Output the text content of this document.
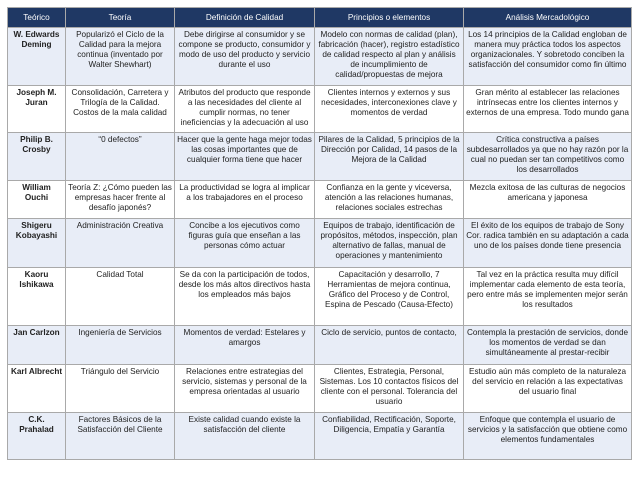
Teórico	Teoría	Definición de Calidad	Principios o elementos	Análisis Mercadológico
W. Edwards Deming	Popularizó el Ciclo de la Calidad para la mejora continua (inventado por Walter Shewhart)	Debe dirigirse al consumidor y se compone se producto, consumidor y modo de uso del producto y servicio durante el uso	Modelo con normas de calidad (plan), fabricación (hacer), registro estadístico de calidad respecto al plan y análisis de incumplimiento de calidad/propuestas de mejora	Los 14 principios de la Calidad engloban de manera muy práctica todos los aspectos organizacionales. Y sobretodo conciben la satisfacción del consumidor como fin último
Joseph M. Juran	Consolidación, Carretera y Trilogía de la Calidad. Costos de la mala calidad	Atributos del producto que responde a las necesidades del cliente al cumplir normas, no tener ineficiencias y la adecuación al uso	Clientes internos y externos y sus necesidades, interconexiones clave y momentos de verdad	Gran mérito al establecer las relaciones intrínsecas entre los clientes internos y externos de una empresa. Todo mundo gana
Philip B. Crosby	“0 defectos”	Hacer que la gente haga mejor todas las cosas importantes que de cualquier forma tiene que hacer	Pilares de la Calidad, 5 principios de la Dirección por Calidad, 14 pasos de la Mejora de la Calidad	Crítica constructiva a países subdesarrollados ya que no hay razón por la cual no puedan ser tan competitivos como los desarrollados
William Ouchi	Teoría Z: ¿Cómo pueden las empresas hacer frente al desafío japonés?	La productividad se logra al implicar a los trabajadores en el proceso	Confianza en la gente y viceversa, atención a las relaciones humanas, relaciones sociales estrechas	Mezcla exitosa de las culturas de negocios americana y japonesa
Shigeru Kobayashi	Administración Creativa	Concibe a los ejecutivos como figuras guía que enseñan a las personas cómo actuar	Equipos de trabajo, identificación de propósitos, métodos, inspección, plan alternativo de fallas, manual de operaciones y mantenimiento	El éxito de los equipos de trabajo de Sony Cor. radica también en su adaptación a cada uno de los países donde tiene presencia
Kaoru Ishikawa	Calidad Total	Se da con la participación de todos, desde los más altos directivos hasta los empleados más bajos	Capacitación y desarrollo, 7 Herramientas de mejora continua, Gráfico del Proceso y de Control, Espina de Pescado (Causa-Efecto)	Tal vez en la práctica resulta muy difícil implementar cada elemento de esta teoría, pero entre más se implementen mejor serán los resultados
Jan Carlzon	Ingeniería de Servicios	Momentos de verdad: Estelares y amargos	Ciclo de servicio, puntos de contacto,	Contempla la prestación de servicios, donde los momentos de verdad se dan simultáneamente al prestar-recibir
Karl Albrecht	Triángulo del Servicio	Relaciones entre estrategias del servicio, sistemas y personal de la empresa orientadas al usuario	Clientes, Estrategia, Personal, Sistemas. Los 10 contactos físicos del cliente con el personal. Tolerancia del usuario	Estudio aún más completo de la naturaleza del servicio en relación a las expectativas del usuario final
C.K. Prahalad	Factores Básicos de la Satisfacción del Cliente	Existe calidad cuando existe la satisfacción del cliente	Confiabilidad, Rectificación, Soporte, Diligencia, Empatía y Garantía	Enfoque que contempla el usuario de servicios y la satisfacción que obtiene como elementos fundamentales
